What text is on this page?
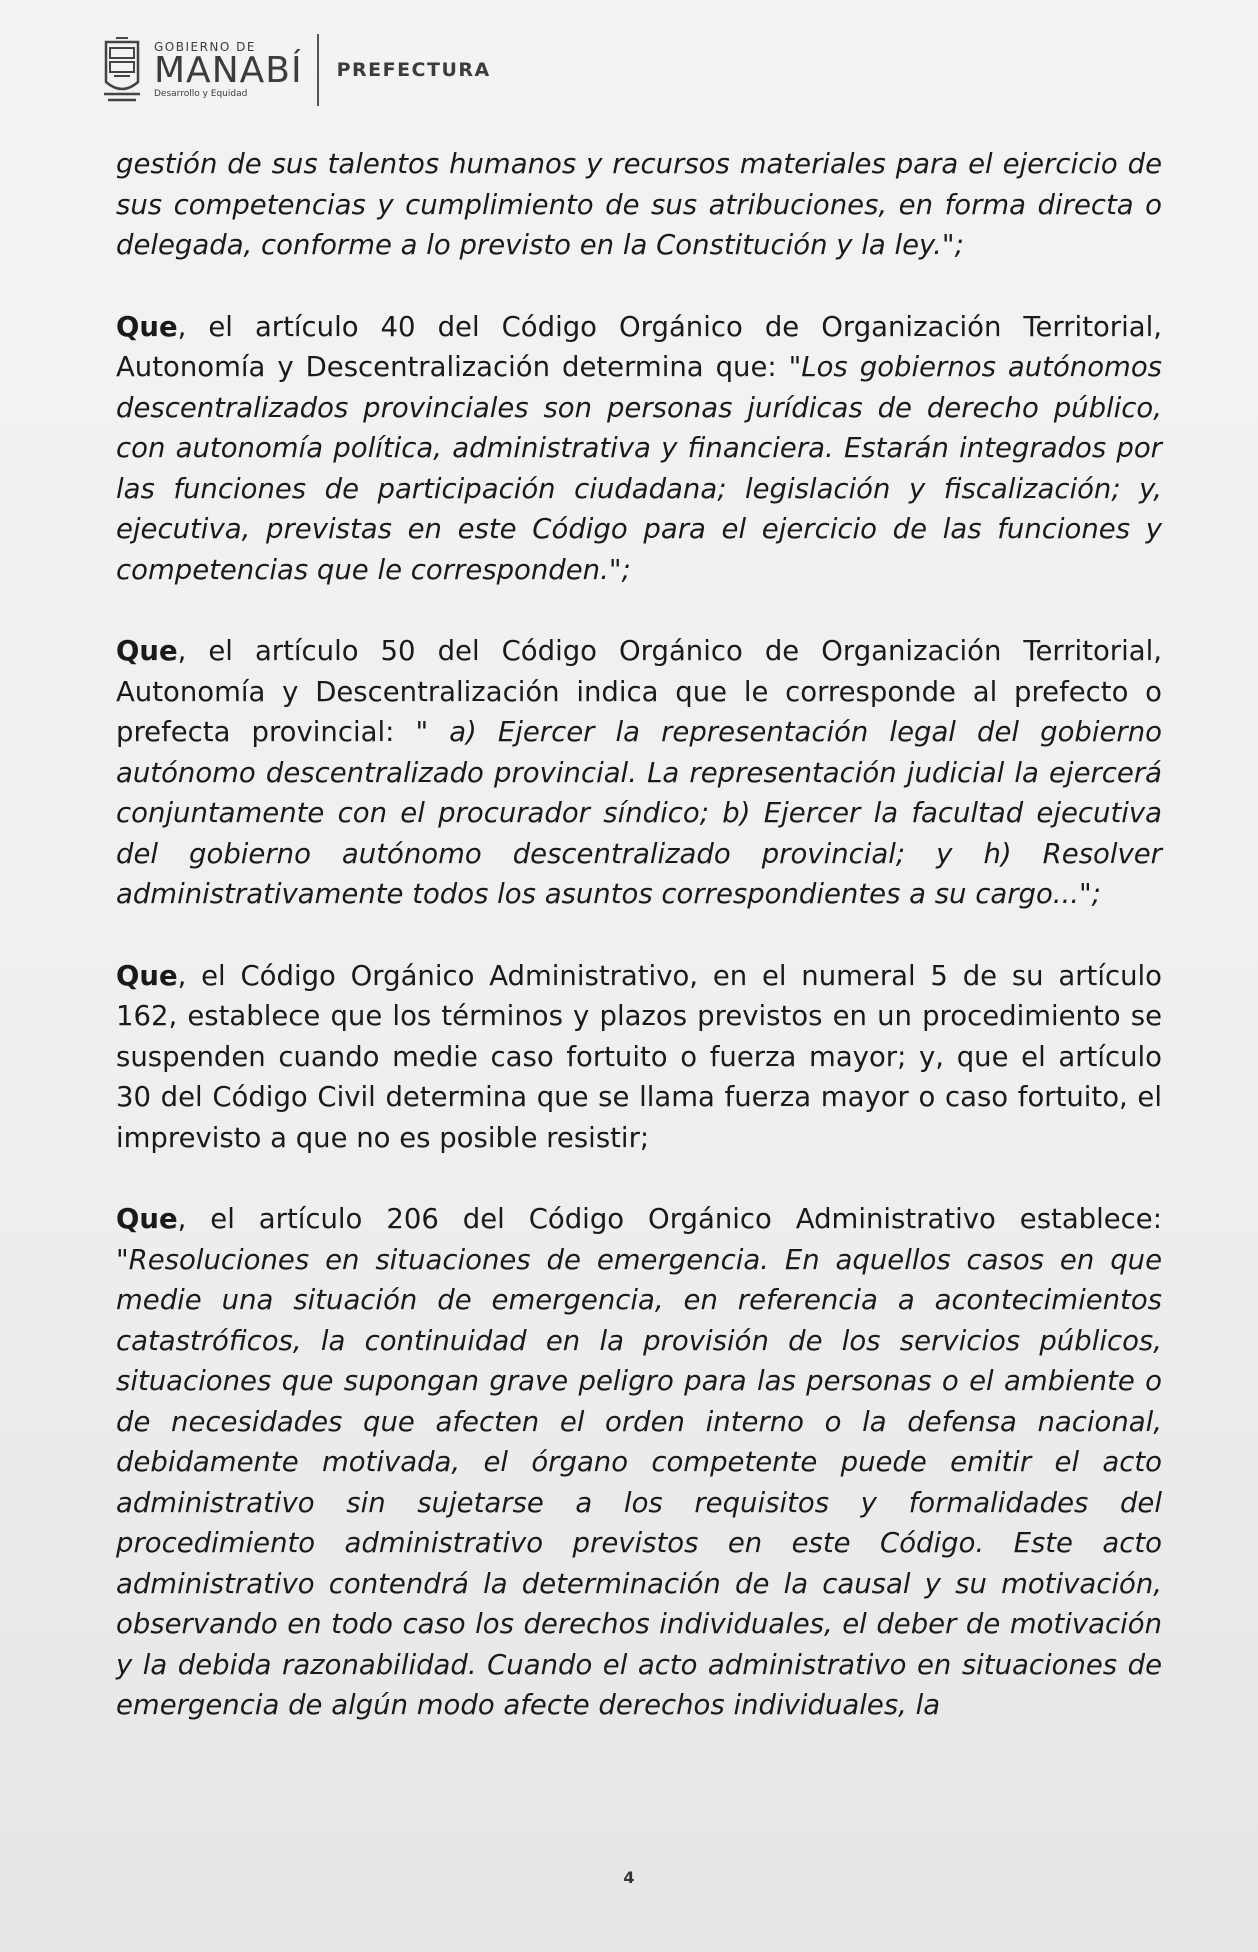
GOBIERNO DE
MANABÍ
Desarrollo y Equidad
PREFECTURA

gestión de sus talentos humanos y recursos materiales para el ejercicio de sus competencias y cumplimiento de sus atribuciones, en forma directa o delegada, conforme a lo previsto en la Constitución y la ley.";

Que, el artículo 40 del Código Orgánico de Organización Territorial, Autonomía y Descentralización determina que: "Los gobiernos autónomos descentralizados provinciales son personas jurídicas de derecho público, con autonomía política, administrativa y financiera. Estarán integrados por las funciones de participación ciudadana; legislación y fiscalización; y, ejecutiva, previstas en este Código para el ejercicio de las funciones y competencias que le corresponden.";

Que, el artículo 50 del Código Orgánico de Organización Territorial, Autonomía y Descentralización indica que le corresponde al prefecto o prefecta provincial: " a) Ejercer la representación legal del gobierno autónomo descentralizado provincial. La representación judicial la ejercerá conjuntamente con el procurador síndico; b) Ejercer la facultad ejecutiva del gobierno autónomo descentralizado provincial; y h) Resolver administrativamente todos los asuntos correspondientes a su cargo...";

Que, el Código Orgánico Administrativo, en el numeral 5 de su artículo 162, establece que los términos y plazos previstos en un procedimiento se suspenden cuando medie caso fortuito o fuerza mayor; y, que el artículo 30 del Código Civil determina que se llama fuerza mayor o caso fortuito, el imprevisto a que no es posible resistir;

Que, el artículo 206 del Código Orgánico Administrativo establece: "Resoluciones en situaciones de emergencia. En aquellos casos en que medie una situación de emergencia, en referencia a acontecimientos catastróficos, la continuidad en la provisión de los servicios públicos, situaciones que supongan grave peligro para las personas o el ambiente o de necesidades que afecten el orden interno o la defensa nacional, debidamente motivada, el órgano competente puede emitir el acto administrativo sin sujetarse a los requisitos y formalidades del procedimiento administrativo previstos en este Código. Este acto administrativo contendrá la determinación de la causal y su motivación, observando en todo caso los derechos individuales, el deber de motivación y la debida razonabilidad. Cuando el acto administrativo en situaciones de emergencia de algún modo afecte derechos individuales, la

4
